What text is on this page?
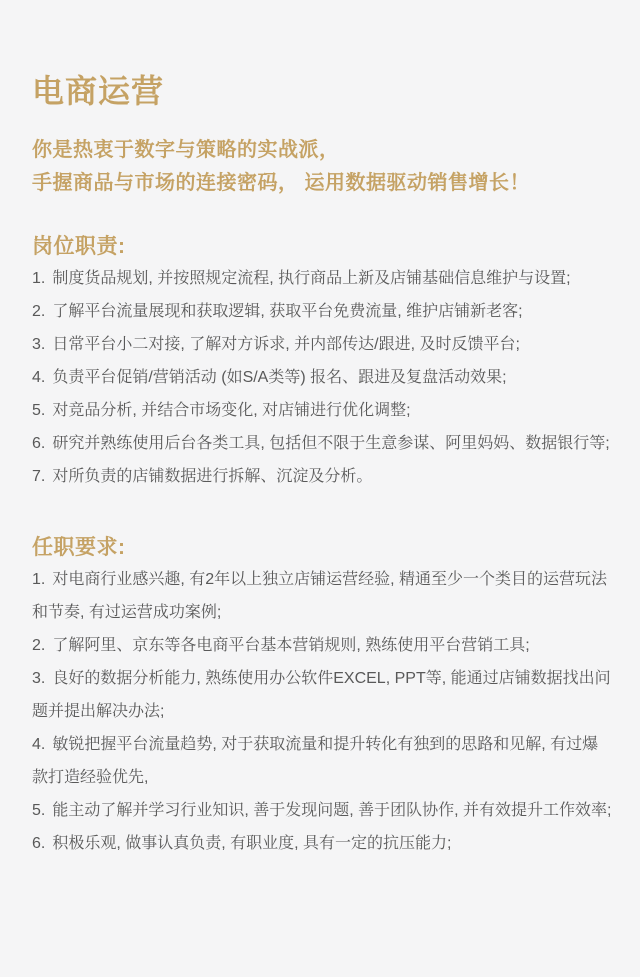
电商运营

你是热衷于数字与策略的实战派，
手握商品与市场的连接密码， 运用数据驱动销售增长！

岗位职责:

1. 制度货品规划, 并按照规定流程, 执行商品上新及店铺基础信息维护与设置;

2. 了解平台流量展现和获取逻辑, 获取平台免费流量, 维护店铺新老客;

3. 日常平台小二对接, 了解对方诉求, 并内部传达/跟进, 及时反馈平台;

4. 负责平台促销/营销活动 (如S/A类等) 报名、跟进及复盘活动效果;

5. 对竞品分析, 并结合市场变化, 对店铺进行优化调整;

6. 研究并熟练使用后台各类工具, 包括但不限于生意参谋、阿里妈妈、数据银行等;

7. 对所负责的店铺数据进行拆解、沉淀及分析。

任职要求:

1. 对电商行业感兴趣, 有2年以上独立店铺运营经验, 精通至少一个类目的运营玩法和节奏, 有过运营成功案例;

2. 了解阿里、京东等各电商平台基本营销规则, 熟练使用平台营销工具;

3. 良好的数据分析能力, 熟练使用办公软件EXCEL, PPT等, 能通过店铺数据找出问题并提出解决办法;

4. 敏锐把握平台流量趋势, 对于获取流量和提升转化有独到的思路和见解, 有过爆款打造经验优先,

5. 能主动了解并学习行业知识, 善于发现问题, 善于团队协作, 并有效提升工作效率;

6. 积极乐观, 做事认真负责, 有职业度, 具有一定的抗压能力;
